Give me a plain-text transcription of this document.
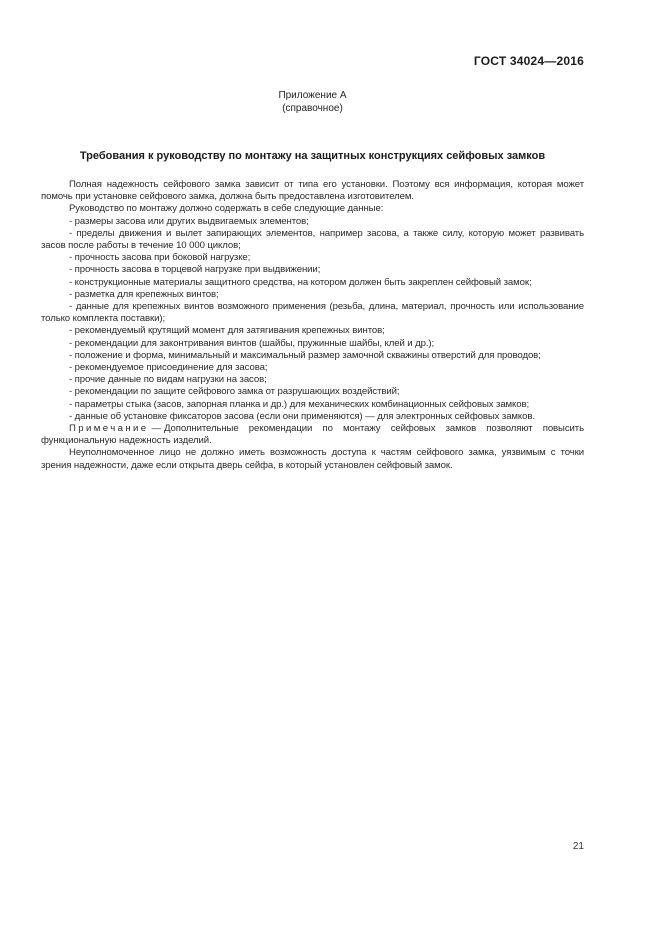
ГОСТ 34024—2016
Приложение А
(справочное)
Требования к руководству по монтажу на защитных конструкциях сейфовых замков

Полная надежность сейфового замка зависит от типа его установки. Поэтому вся информация, которая может помочь при установке сейфового замка, должна быть предоставлена изготовителем.

Руководство по монтажу должно содержать в себе следующие данные:

- размеры засова или других выдвигаемых элементов;

- пределы движения и вылет запирающих элементов, например засова, а также силу, которую может развивать засов после работы в течение 10 000 циклов;

- прочность засова при боковой нагрузке;

- прочность засова в торцевой нагрузке при выдвижении;

- конструкционные материалы защитного средства, на котором должен быть закреплен сейфовый замок;

- разметка для крепежных винтов;

- данные для крепежных винтов возможного применения (резьба, длина, материал, прочность или использование только комплекта поставки);

- рекомендуемый крутящий момент для затягивания крепежных винтов;

- рекомендации для законтривания винтов (шайбы, пружинные шайбы, клей и др.);

- положение и форма, минимальный и максимальный размер замочной скважины отверстий для проводов;

- рекомендуемое присоединение для засова;

- прочие данные по видам нагрузки на засов;

- рекомендации по защите сейфового замка от разрушающих воздействий;

- параметры стыка (засов, запорная планка и др.) для механических комбинационных сейфовых замков;

- данные об установке фиксаторов засова (если они применяются) — для электронных сейфовых замков.

Примечание — Дополнительные рекомендации по монтажу сейфовых замков позволяют повысить функциональную надежность изделий.

Неуполномоченное лицо не должно иметь возможность доступа к частям сейфового замка, уязвимым с точки зрения надежности, даже если открыта дверь сейфа, в который установлен сейфовый замок.

21
